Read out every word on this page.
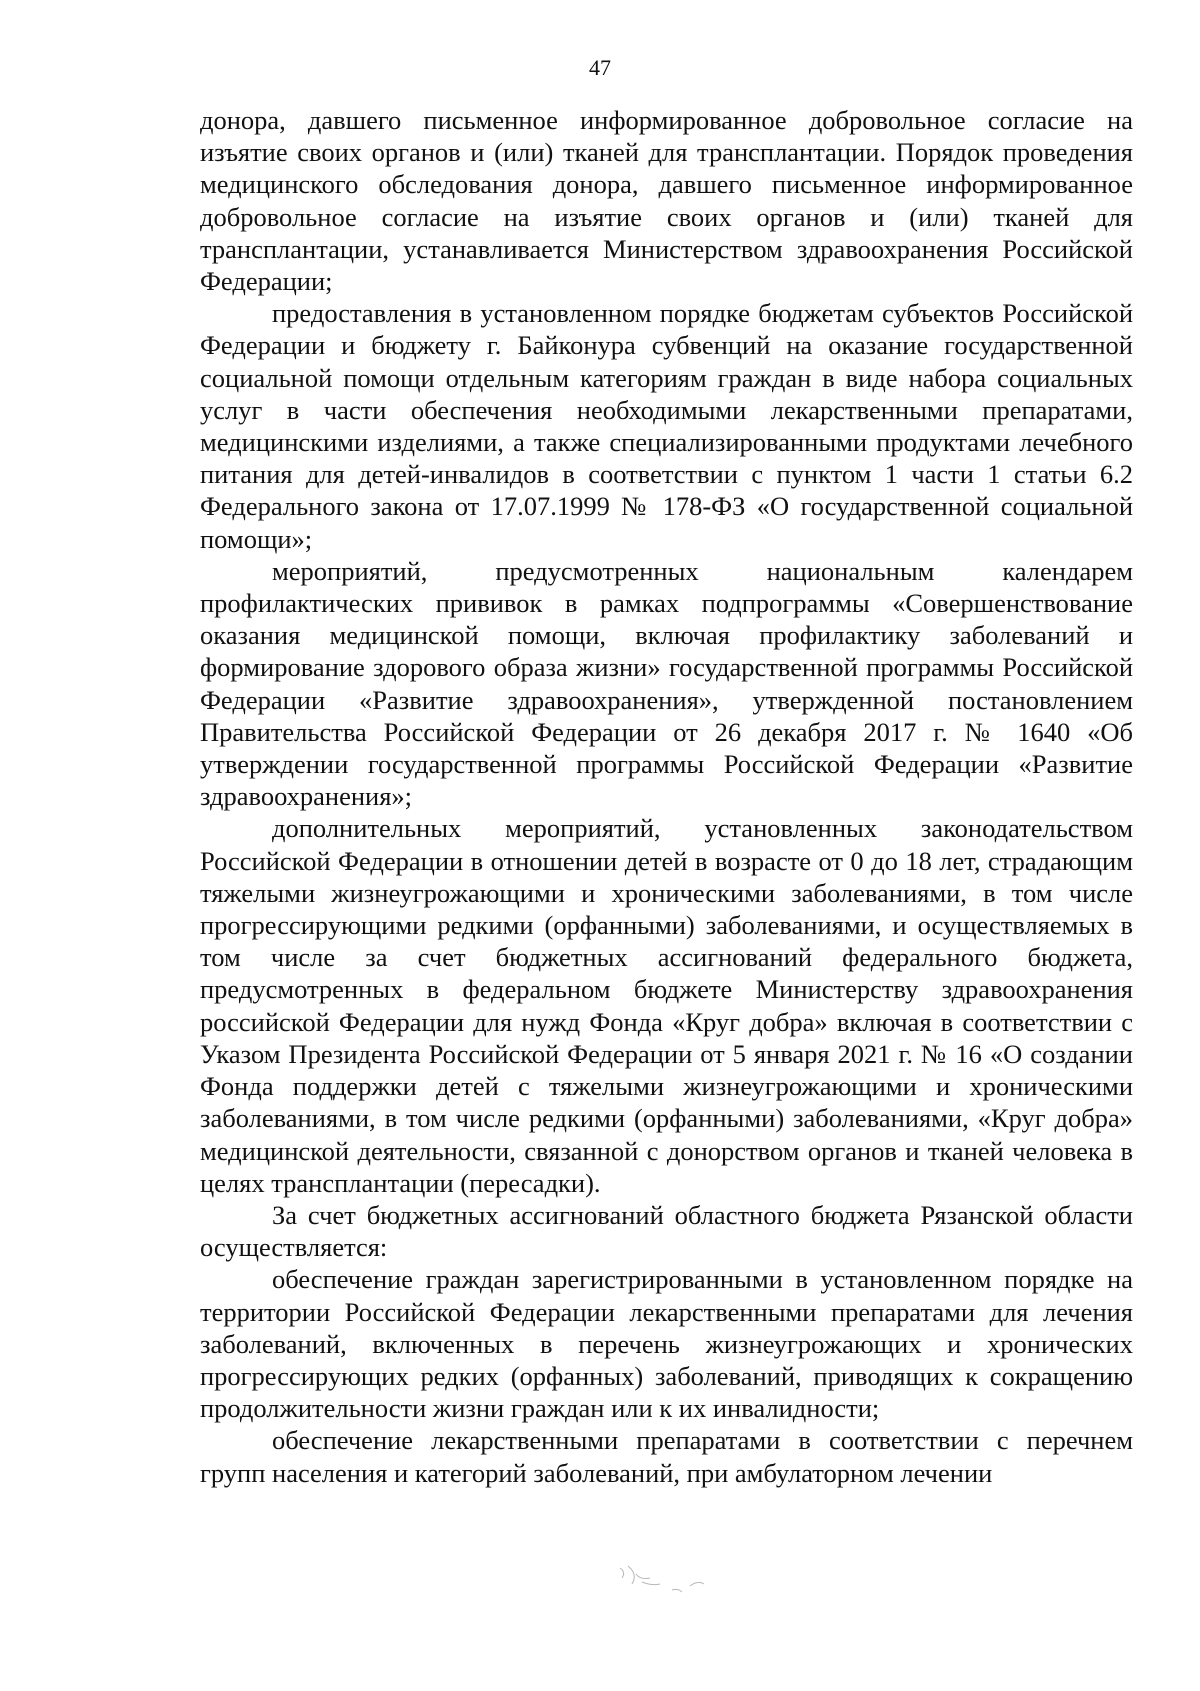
47

донора, давшего письменное информированное добровольное согласие на изъятие своих органов и (или) тканей для трансплантации. Порядок проведения медицинского обследования донора, давшего письменное информированное добровольное согласие на изъятие своих органов и (или) тканей для трансплантации, устанавливается Министерством здравоохранения Российской Федерации;

предоставления в установленном порядке бюджетам субъектов Российской Федерации и бюджету г. Байконура субвенций на оказание государственной социальной помощи отдельным категориям граждан в виде набора социальных услуг в части обеспечения необходимыми лекарственными препаратами, медицинскими изделиями, а также специализированными продуктами лечебного питания для детей-инвалидов в соответствии с пунктом 1 части 1 статьи 6.2 Федерального закона от 17.07.1999 № 178-ФЗ «О государственной социальной помощи»;

мероприятий, предусмотренных национальным календарем профилактических прививок в рамках подпрограммы «Совершенствование оказания медицинской помощи, включая профилактику заболеваний и формирование здорового образа жизни» государственной программы Российской Федерации «Развитие здравоохранения», утвержденной постановлением Правительства Российской Федерации от 26 декабря 2017 г. № 1640 «Об утверждении государственной программы Российской Федерации «Развитие здравоохранения»;

дополнительных мероприятий, установленных законодательством Российской Федерации в отношении детей в возрасте от 0 до 18 лет, страдающим тяжелыми жизнеугрожающими и хроническими заболеваниями, в том числе прогрессирующими редкими (орфанными) заболеваниями, и осуществляемых в том числе за счет бюджетных ассигнований федерального бюджета, предусмотренных в федеральном бюджете Министерству здравоохранения российской Федерации для нужд Фонда «Круг добра» включая в соответствии с Указом Президента Российской Федерации от 5 января 2021 г. № 16 «О создании Фонда поддержки детей с тяжелыми жизнеугрожающими и хроническими заболеваниями, в том числе редкими (орфанными) заболеваниями, «Круг добра» медицинской деятельности, связанной с донорством органов и тканей человека в целях трансплантации (пересадки).

За счет бюджетных ассигнований областного бюджета Рязанской области осуществляется:

обеспечение граждан зарегистрированными в установленном порядке на территории Российской Федерации лекарственными препаратами для лечения заболеваний, включенных в перечень жизнеугрожающих и хронических прогрессирующих редких (орфанных) заболеваний, приводящих к сокращению продолжительности жизни граждан или к их инвалидности;

обеспечение лекарственными препаратами в соответствии с перечнем групп населения и категорий заболеваний, при амбулаторном лечении
